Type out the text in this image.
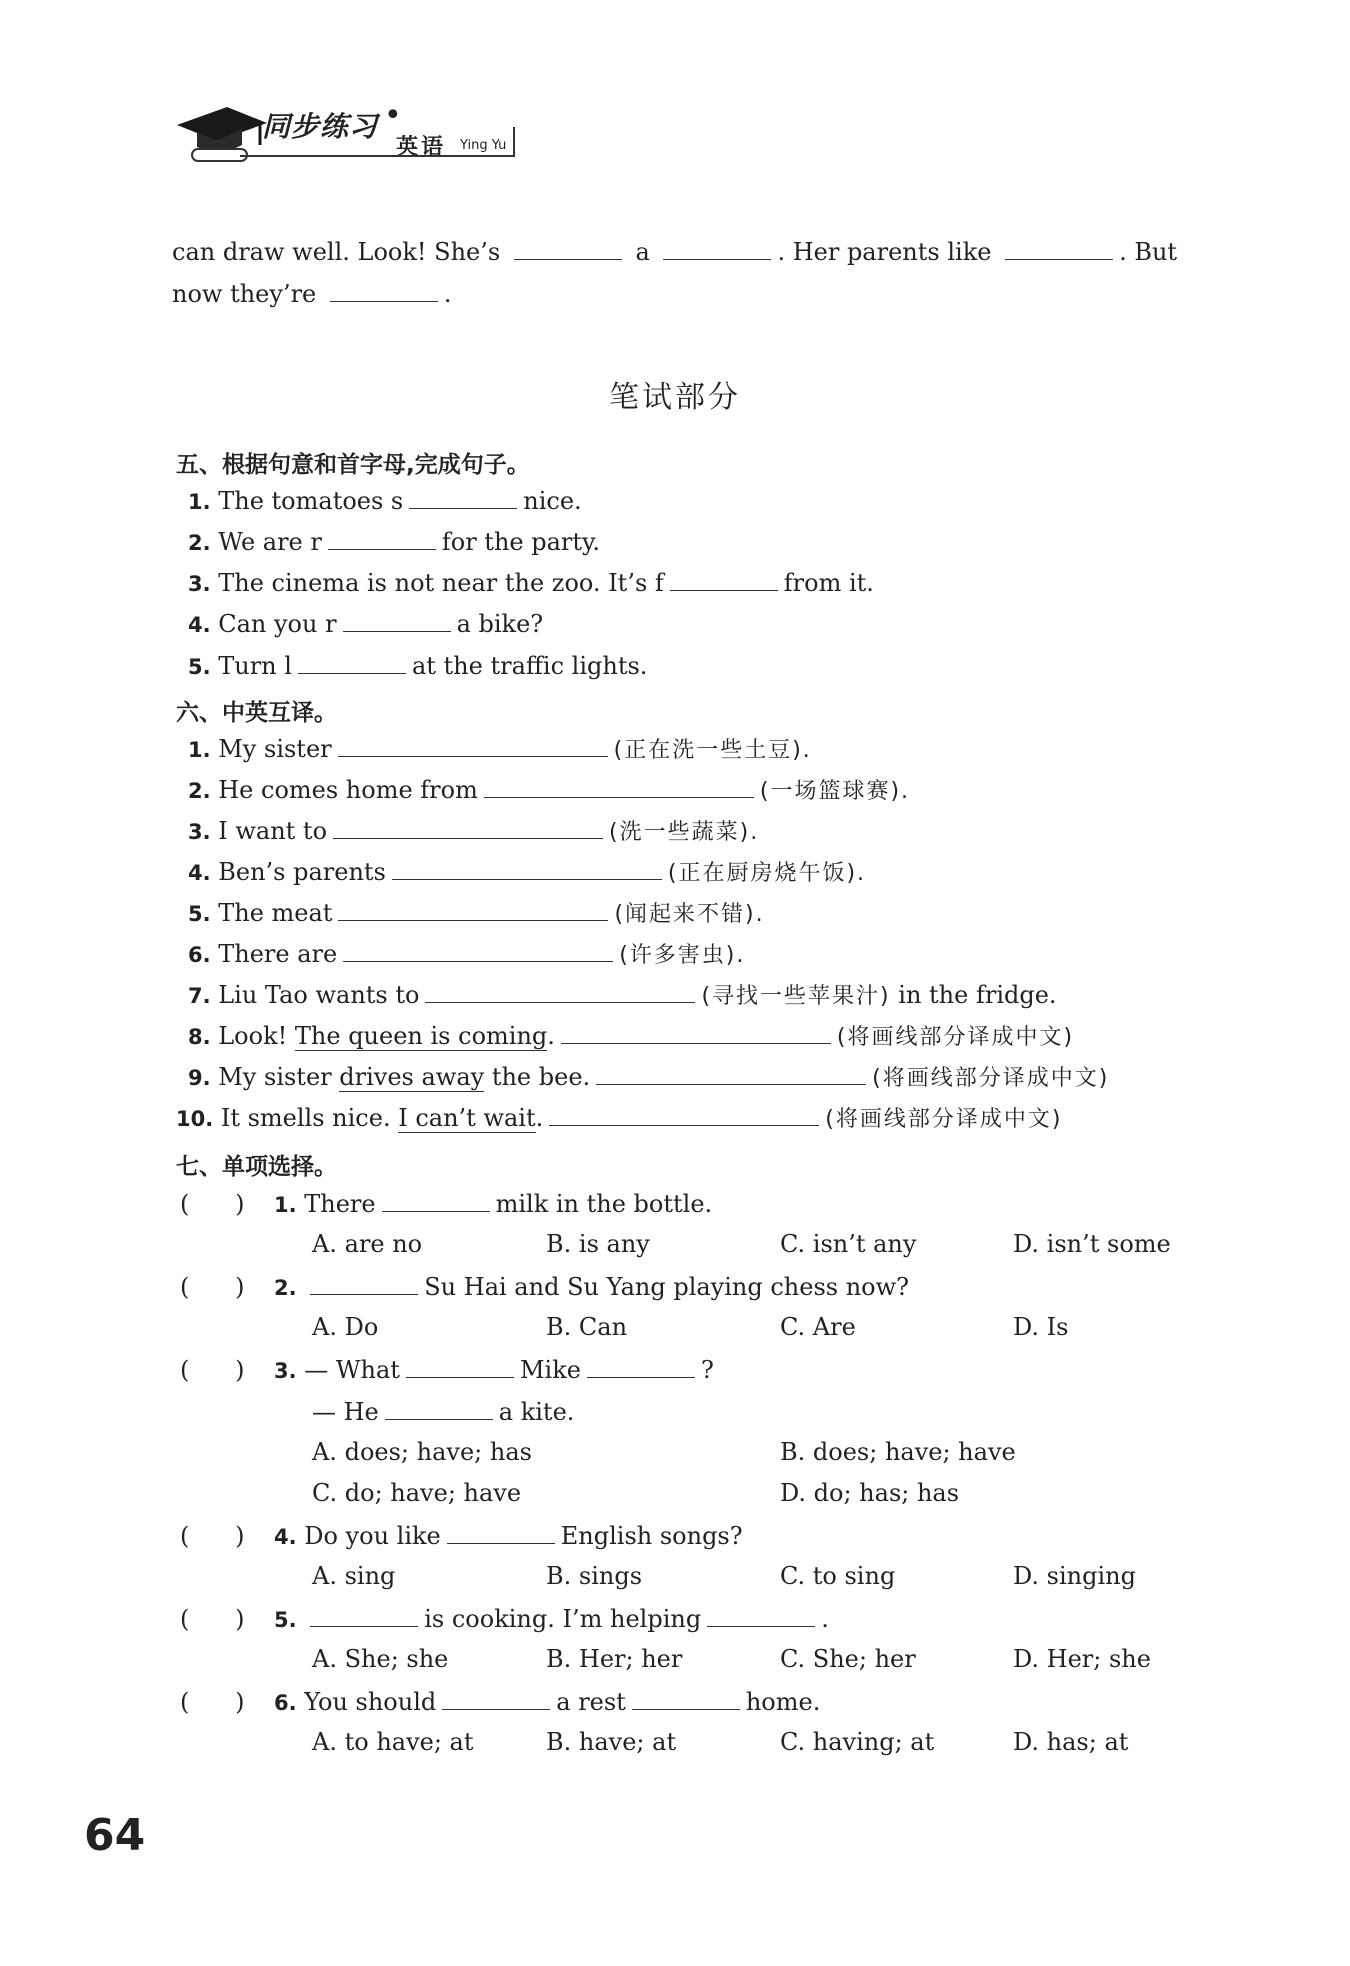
同步练习 •
英语 Ying Yu
can draw well. Look! She’s	a	. Her parents like	. But
now they’re	.
笔试部分
五、根据句意和首字母,完成句子。
1. The tomatoes s	nice.
2. We are r	for the party.
3. The cinema is not near the zoo. It’s f	from it.
4. Can you r	a bike?
5. Turn l	at the traffic lights.
六、中英互译。
1. My sister	(正在洗一些土豆).
2. He comes home from	(一场篮球赛).
3. I want to	(洗一些蔬菜).
4. Ben’s parents	(正在厨房烧午饭).
5. The meat	(闻起来不错).
6. There are	(许多害虫).
7. Liu Tao wants to	(寻找一些苹果汁) in the fridge.
8. Look! The queen is coming.	(将画线部分译成中文)
9. My sister drives away the bee.	(将画线部分译成中文)
10. It smells nice. I can’t wait.	(将画线部分译成中文)
七、单项选择。
(      ) 1. There	milk in the bottle.
A. are no	B. is any	C. isn’t any	D. isn’t some
(      ) 2.	Su Hai and Su Yang playing chess now?
A. Do	B. Can	C. Are	D. Is
(      ) 3. — What	Mike	?
— He	a kite.
A. does; have; has	B. does; have; have
C. do; have; have	D. do; has; has
(      ) 4. Do you like	English songs?
A. sing	B. sings	C. to sing	D. singing
(      ) 5.	is cooking. I’m helping	.
A. She; she	B. Her; her	C. She; her	D. Her; she
(      ) 6. You should	a rest	home.
A. to have; at	B. have; at	C. having; at	D. has; at
64
